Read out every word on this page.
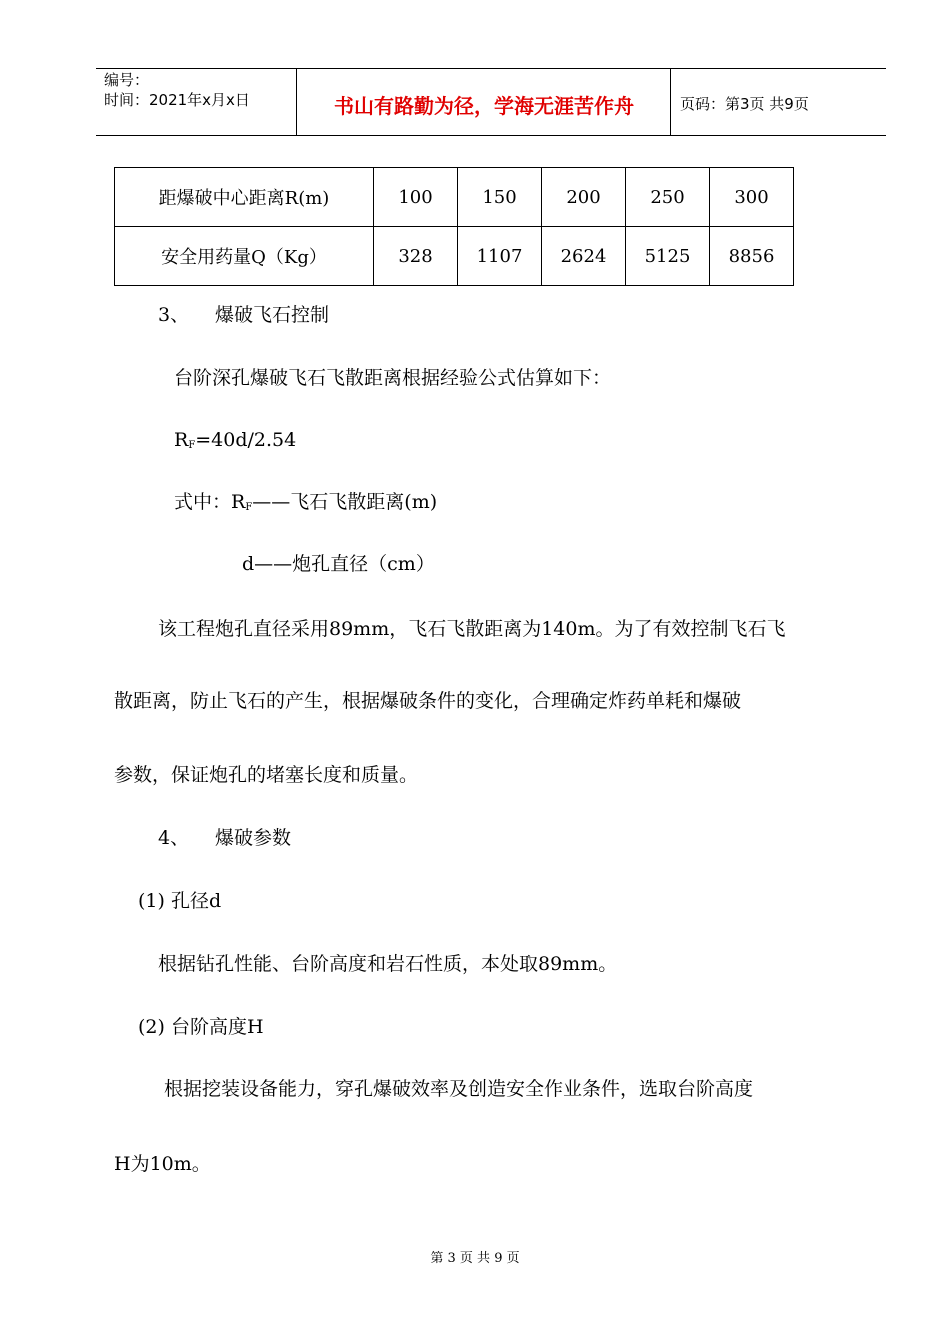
编号：
时间：2021年x月x日	书山有路勤为径，学海无涯苦作舟	页码：第3页 共9页
距爆破中心距离R(m)	100	150	200	250	300
安全用药量Q（Kg）	328	1107	2624	5125	8856
3、 爆破飞石控制
台阶深孔爆破飞石飞散距离根据经验公式估算如下：
$R_F=40d/2.54$
式中：$R_F——$飞石飞散距离(m)
d——炮孔直径（cm）
该工程炮孔直径采用89mm，飞石飞散距离为140m。为了有效控制飞石飞
散距离，防止飞石的产生，根据爆破条件的变化，合理确定炸药单耗和爆破
参数，保证炮孔的堵塞长度和质量。
4、 爆破参数
(1) 孔径d
根据钻孔性能、台阶高度和岩石性质，本处取89mm。
(2) 台阶高度H
根据挖装设备能力，穿孔爆破效率及创造安全作业条件，选取台阶高度
H为10m。
第 3 页 共 9 页
